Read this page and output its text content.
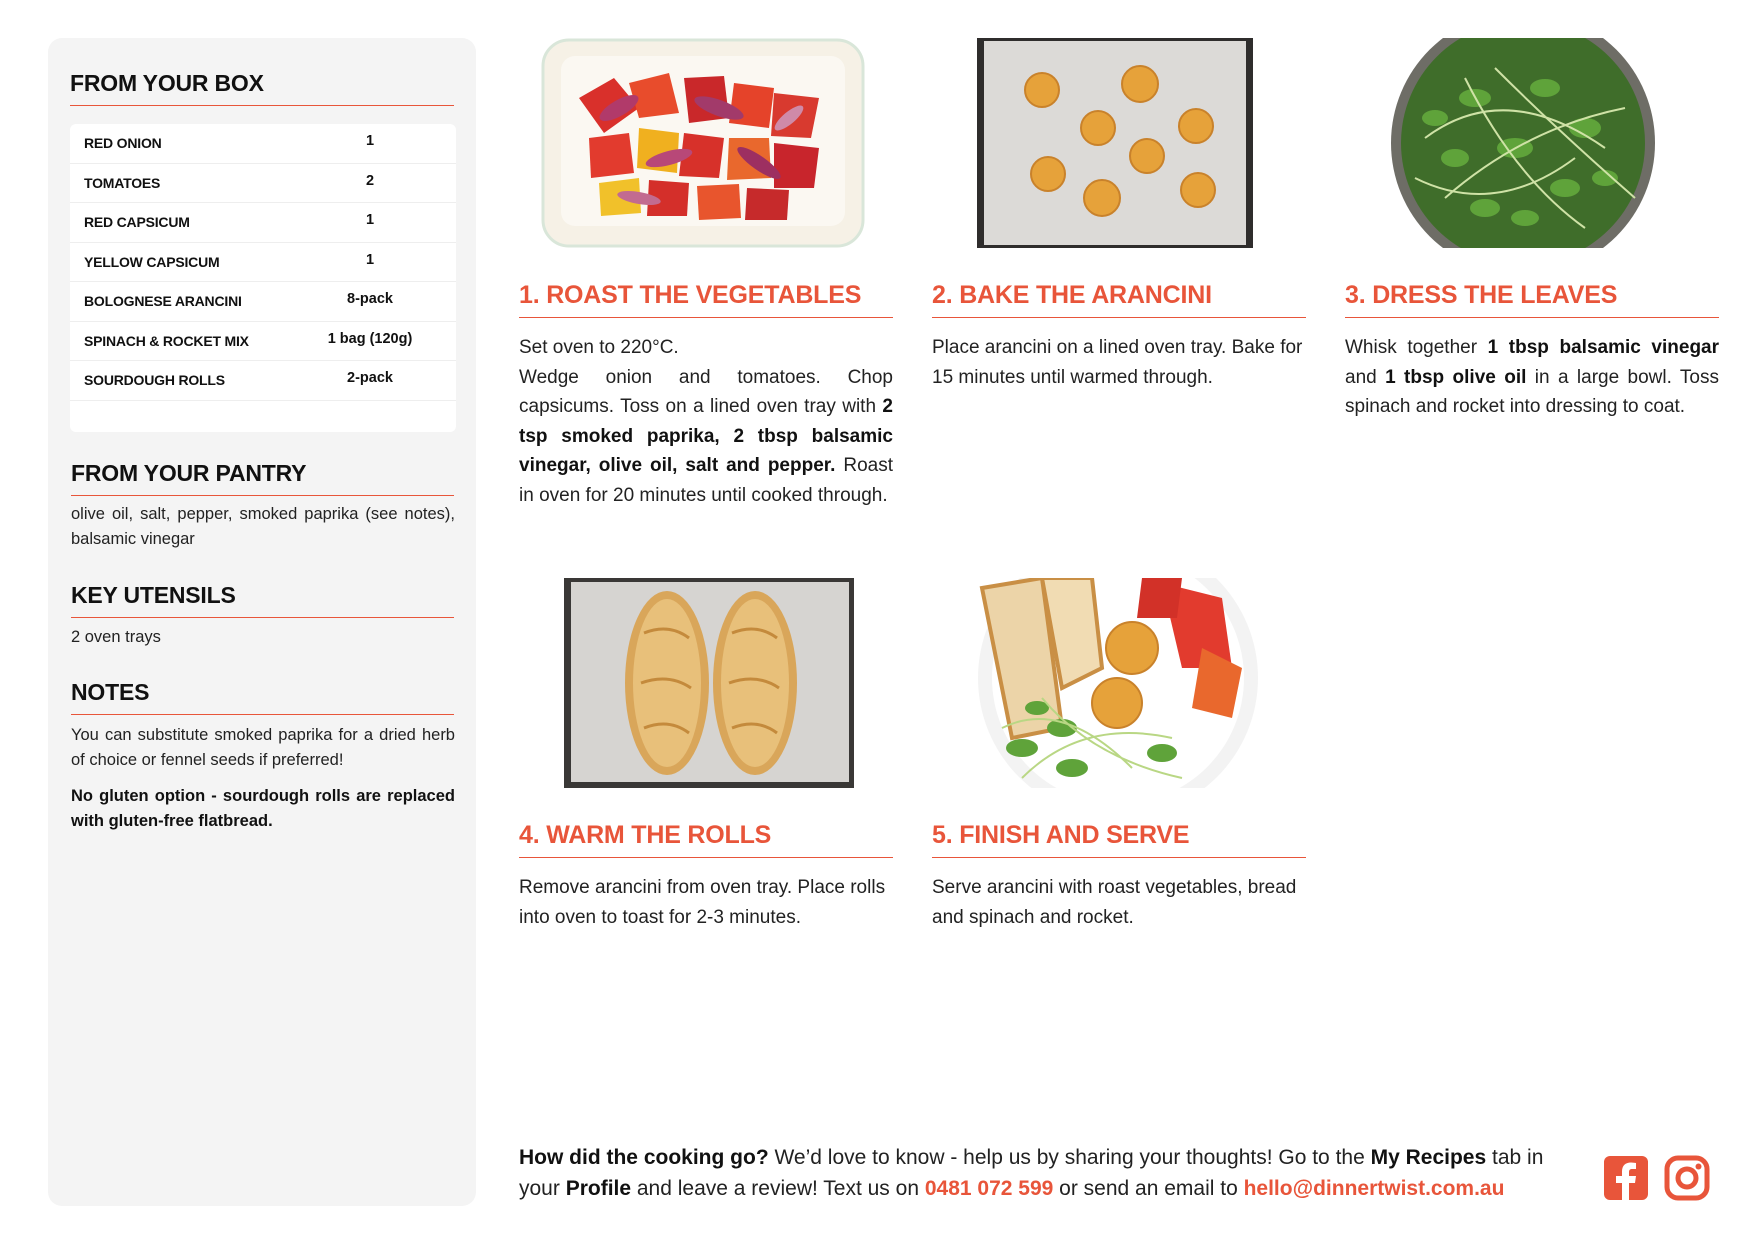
FROM YOUR BOX
RED ONION	1
TOMATOES	2
RED CAPSICUM	1
YELLOW CAPSICUM	1
BOLOGNESE ARANCINI	8-pack
SPINACH & ROCKET MIX	1 bag (120g)
SOURDOUGH ROLLS	2-pack
FROM YOUR PANTRY
olive oil, salt, pepper, smoked paprika (see notes), balsamic vinegar
KEY UTENSILS
2 oven trays
NOTES
You can substitute smoked paprika for a dried herb of choice or fennel seeds if preferred!
No gluten option - sourdough rolls are replaced with gluten-free flatbread.
1. ROAST THE VEGETABLES
Set oven to 220°C.
Wedge onion and tomatoes. Chop capsicums. Toss on a lined oven tray with 2 tsp smoked paprika, 2 tbsp balsamic vinegar, olive oil, salt and pepper. Roast in oven for 20 minutes until cooked through.
2. BAKE THE ARANCINI
Place arancini on a lined oven tray. Bake for 15 minutes until warmed through.
3. DRESS THE LEAVES
Whisk together 1 tbsp balsamic vinegar and 1 tbsp olive oil in a large bowl. Toss spinach and rocket into dressing to coat.
4. WARM THE ROLLS
Remove arancini from oven tray. Place rolls into oven to toast for 2-3 minutes.
5. FINISH AND SERVE
Serve arancini with roast vegetables, bread and spinach and rocket.
How did the cooking go? We’d love to know - help us by sharing your thoughts! Go to the My Recipes tab in your Profile and leave a review! Text us on 0481 072 599 or send an email to hello@dinnertwist.com.au
